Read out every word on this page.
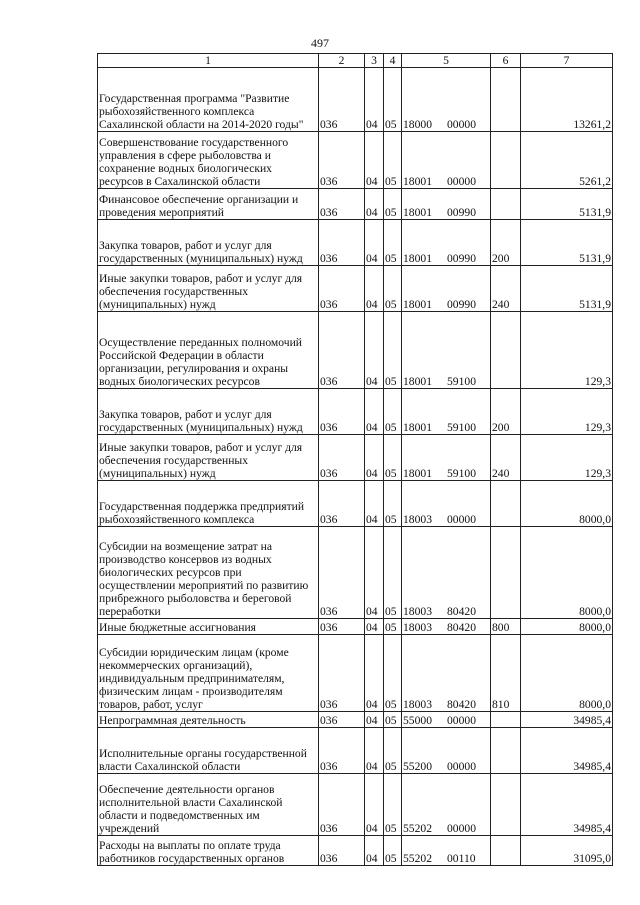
497
1	2	3	4	5	6	7
Государственная программа "Развитие рыбохозяйственного комплекса Сахалинской области на 2014-2020 годы"	036	04	05	18000 00000		13261,2
Совершенствование государственного управления в сфере рыболовства и сохранение водных биологических ресурсов в Сахалинской области	036	04	05	18001 00000		5261,2
Финансовое обеспечение организации и проведения мероприятий	036	04	05	18001 00990		5131,9
Закупка товаров, работ и услуг для государственных (муниципальных) нужд	036	04	05	18001 00990	200	5131,9
Иные закупки товаров, работ и услуг для обеспечения государственных (муниципальных) нужд	036	04	05	18001 00990	240	5131,9
Осуществление переданных полномочий Российской Федерации в области организации, регулирования и охраны водных биологических ресурсов	036	04	05	18001 59100		129,3
Закупка товаров, работ и услуг для государственных (муниципальных) нужд	036	04	05	18001 59100	200	129,3
Иные закупки товаров, работ и услуг для обеспечения государственных (муниципальных) нужд	036	04	05	18001 59100	240	129,3
Государственная поддержка предприятий рыбохозяйственного комплекса	036	04	05	18003 00000		8000,0
Субсидии на возмещение затрат на производство консервов из водных биологических ресурсов при осуществлении мероприятий по развитию прибрежного рыболовства и береговой переработки	036	04	05	18003 80420		8000,0
Иные бюджетные ассигнования	036	04	05	18003 80420	800	8000,0
Субсидии юридическим лицам (кроме некоммерческих организаций), индивидуальным предпринимателям, физическим лицам - производителям товаров, работ, услуг	036	04	05	18003 80420	810	8000,0
Непрограммная деятельность	036	04	05	55000 00000		34985,4
Исполнительные органы государственной власти Сахалинской области	036	04	05	55200 00000		34985,4
Обеспечение деятельности органов исполнительной власти Сахалинской области и подведомственных им учреждений	036	04	05	55202 00000		34985,4
Расходы на выплаты по оплате труда работников государственных органов	036	04	05	55202 00110		31095,0
